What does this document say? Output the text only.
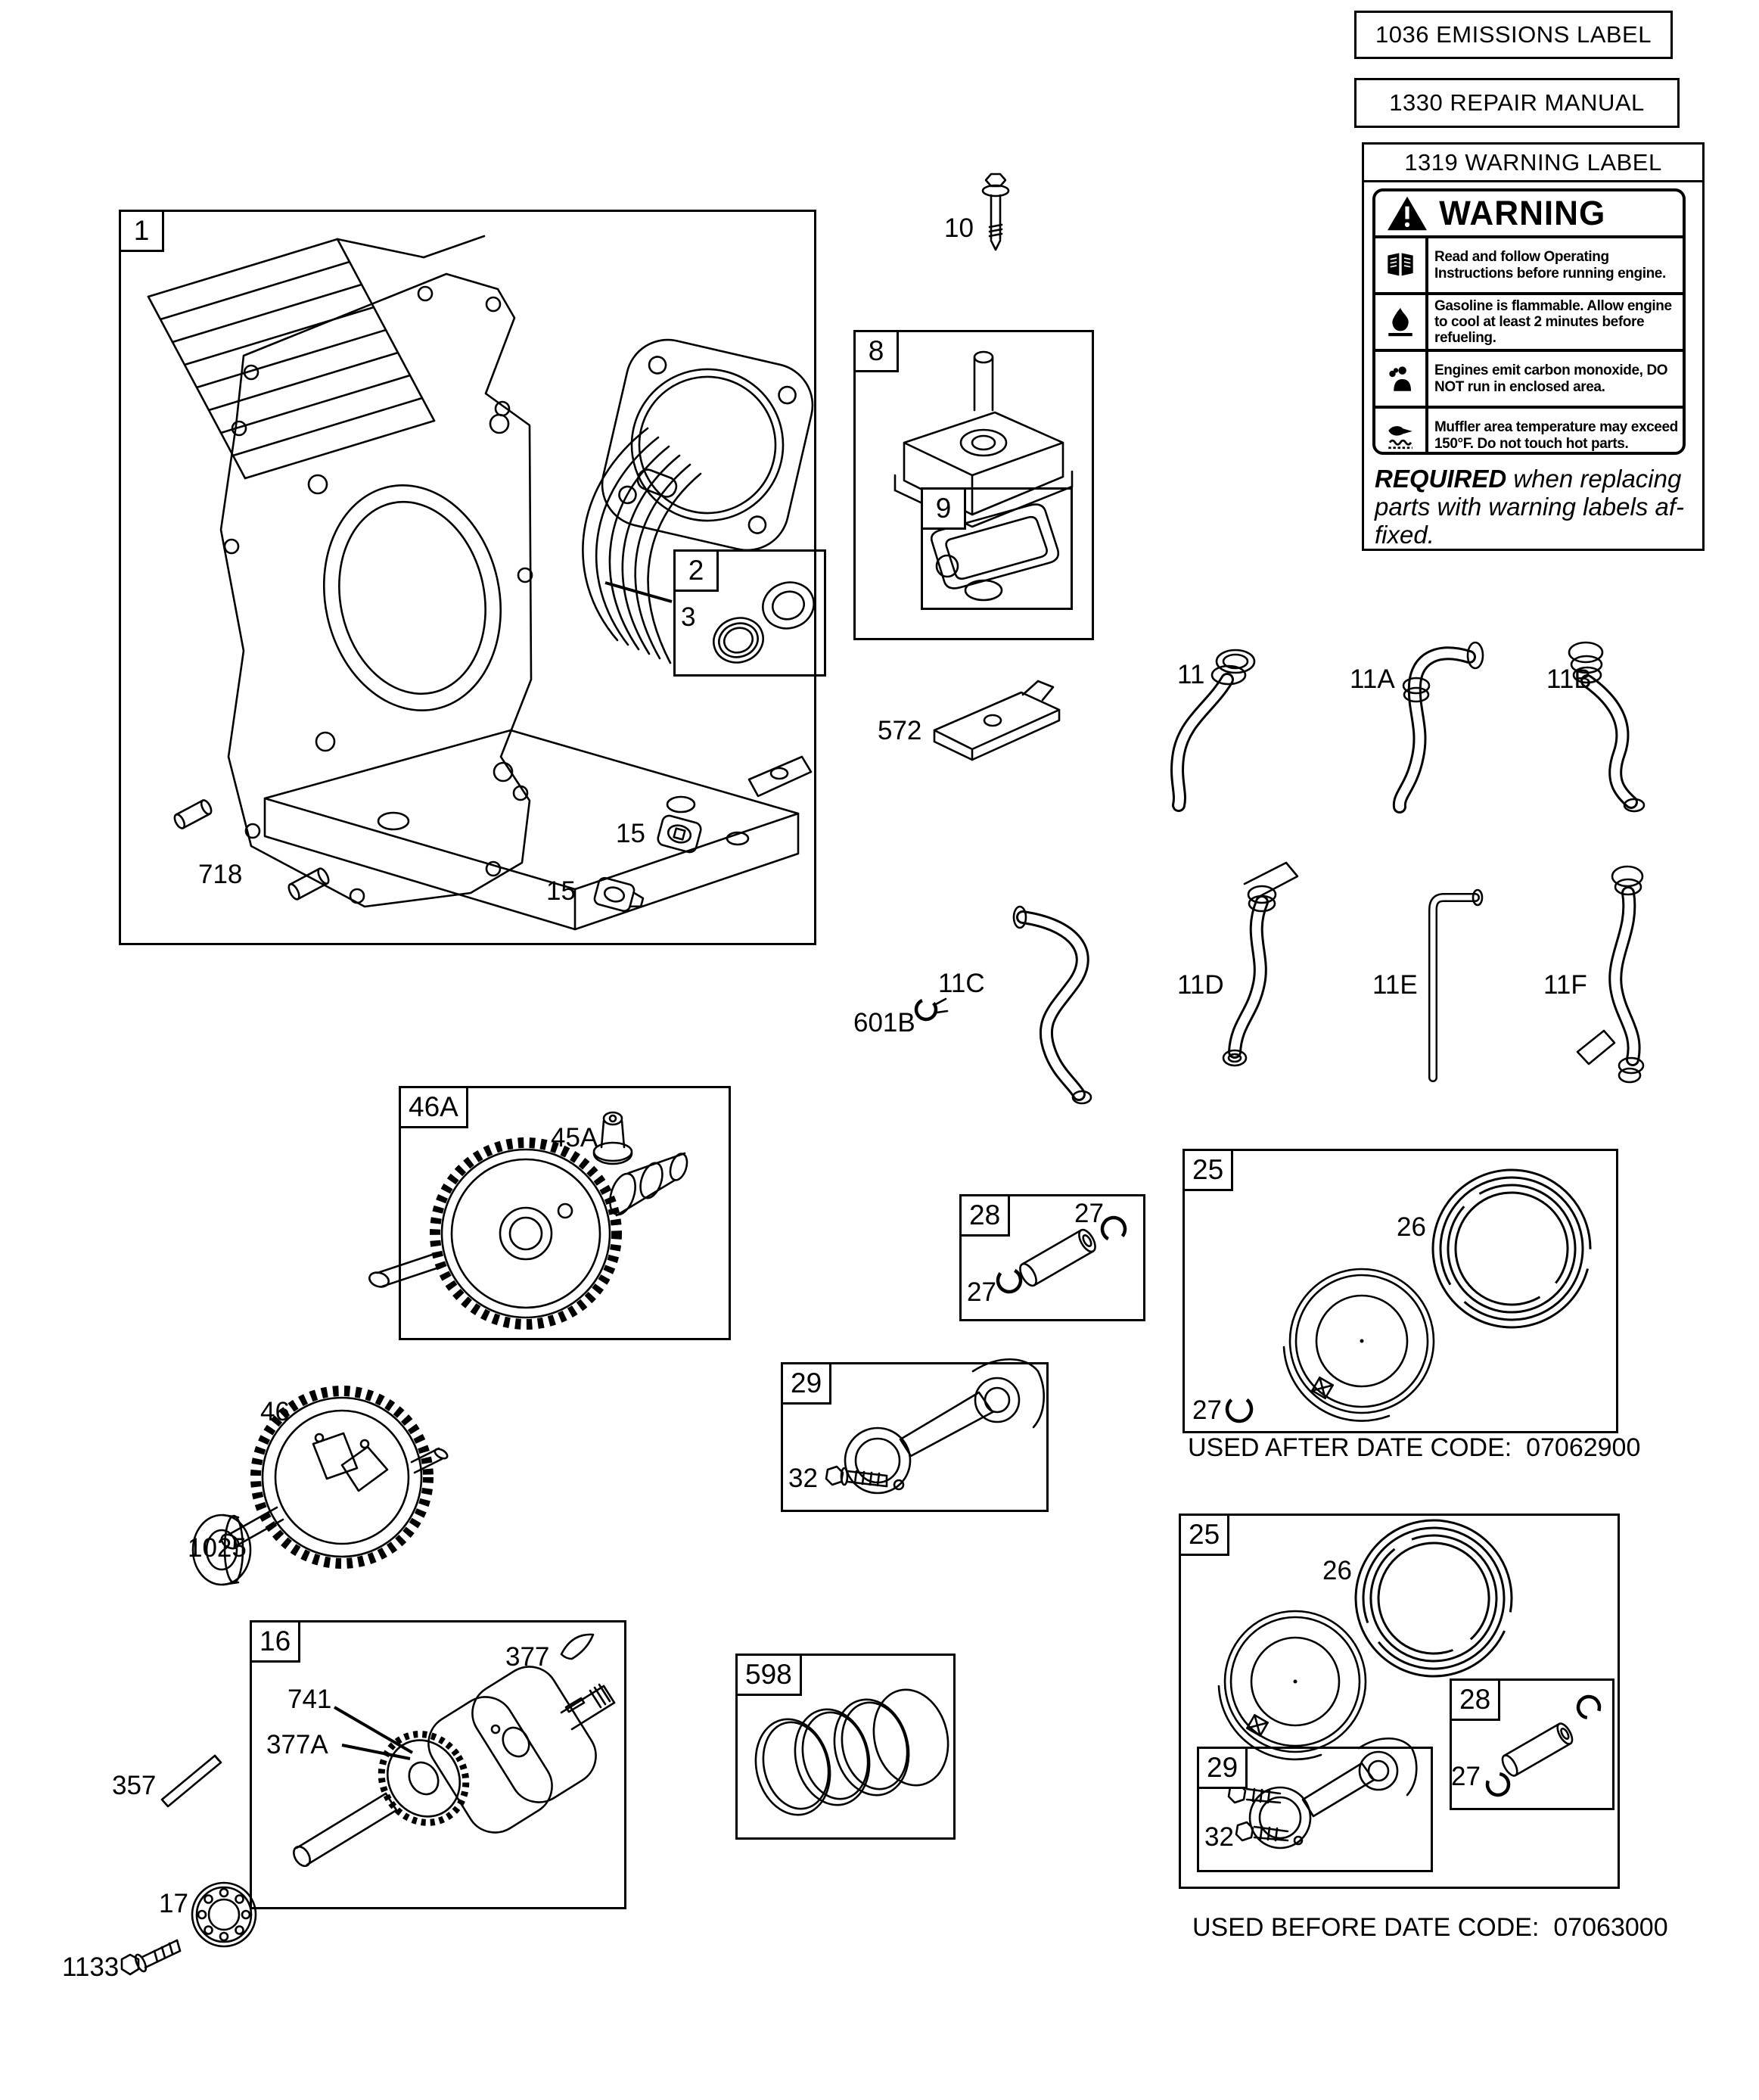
1
2
8
9
46A
16
598
28
29
25
25
28
29
10
3
572
11	11A	11B
11C	11D	11E	11F
601B
718
15
15
45A
46
1025
377
741
377A
357
17
1133
26
27
27
27
32
26
27
32
USED AFTER DATE CODE:  07062900
USED BEFORE DATE CODE:  07063000
1036 EMISSIONS LABEL
1330 REPAIR MANUAL
1319 WARNING LABEL
WARNING
Read and follow Operating Instructions before running engine.
Gasoline is flammable. Allow engine to cool at least 2 minutes before refueling.
Engines emit carbon monoxide, DO NOT run in enclosed area.
Muffler area temperature may exceed 150°F. Do not touch hot parts.
REQUIRED when replacing
parts with warning labels af-
fixed.
